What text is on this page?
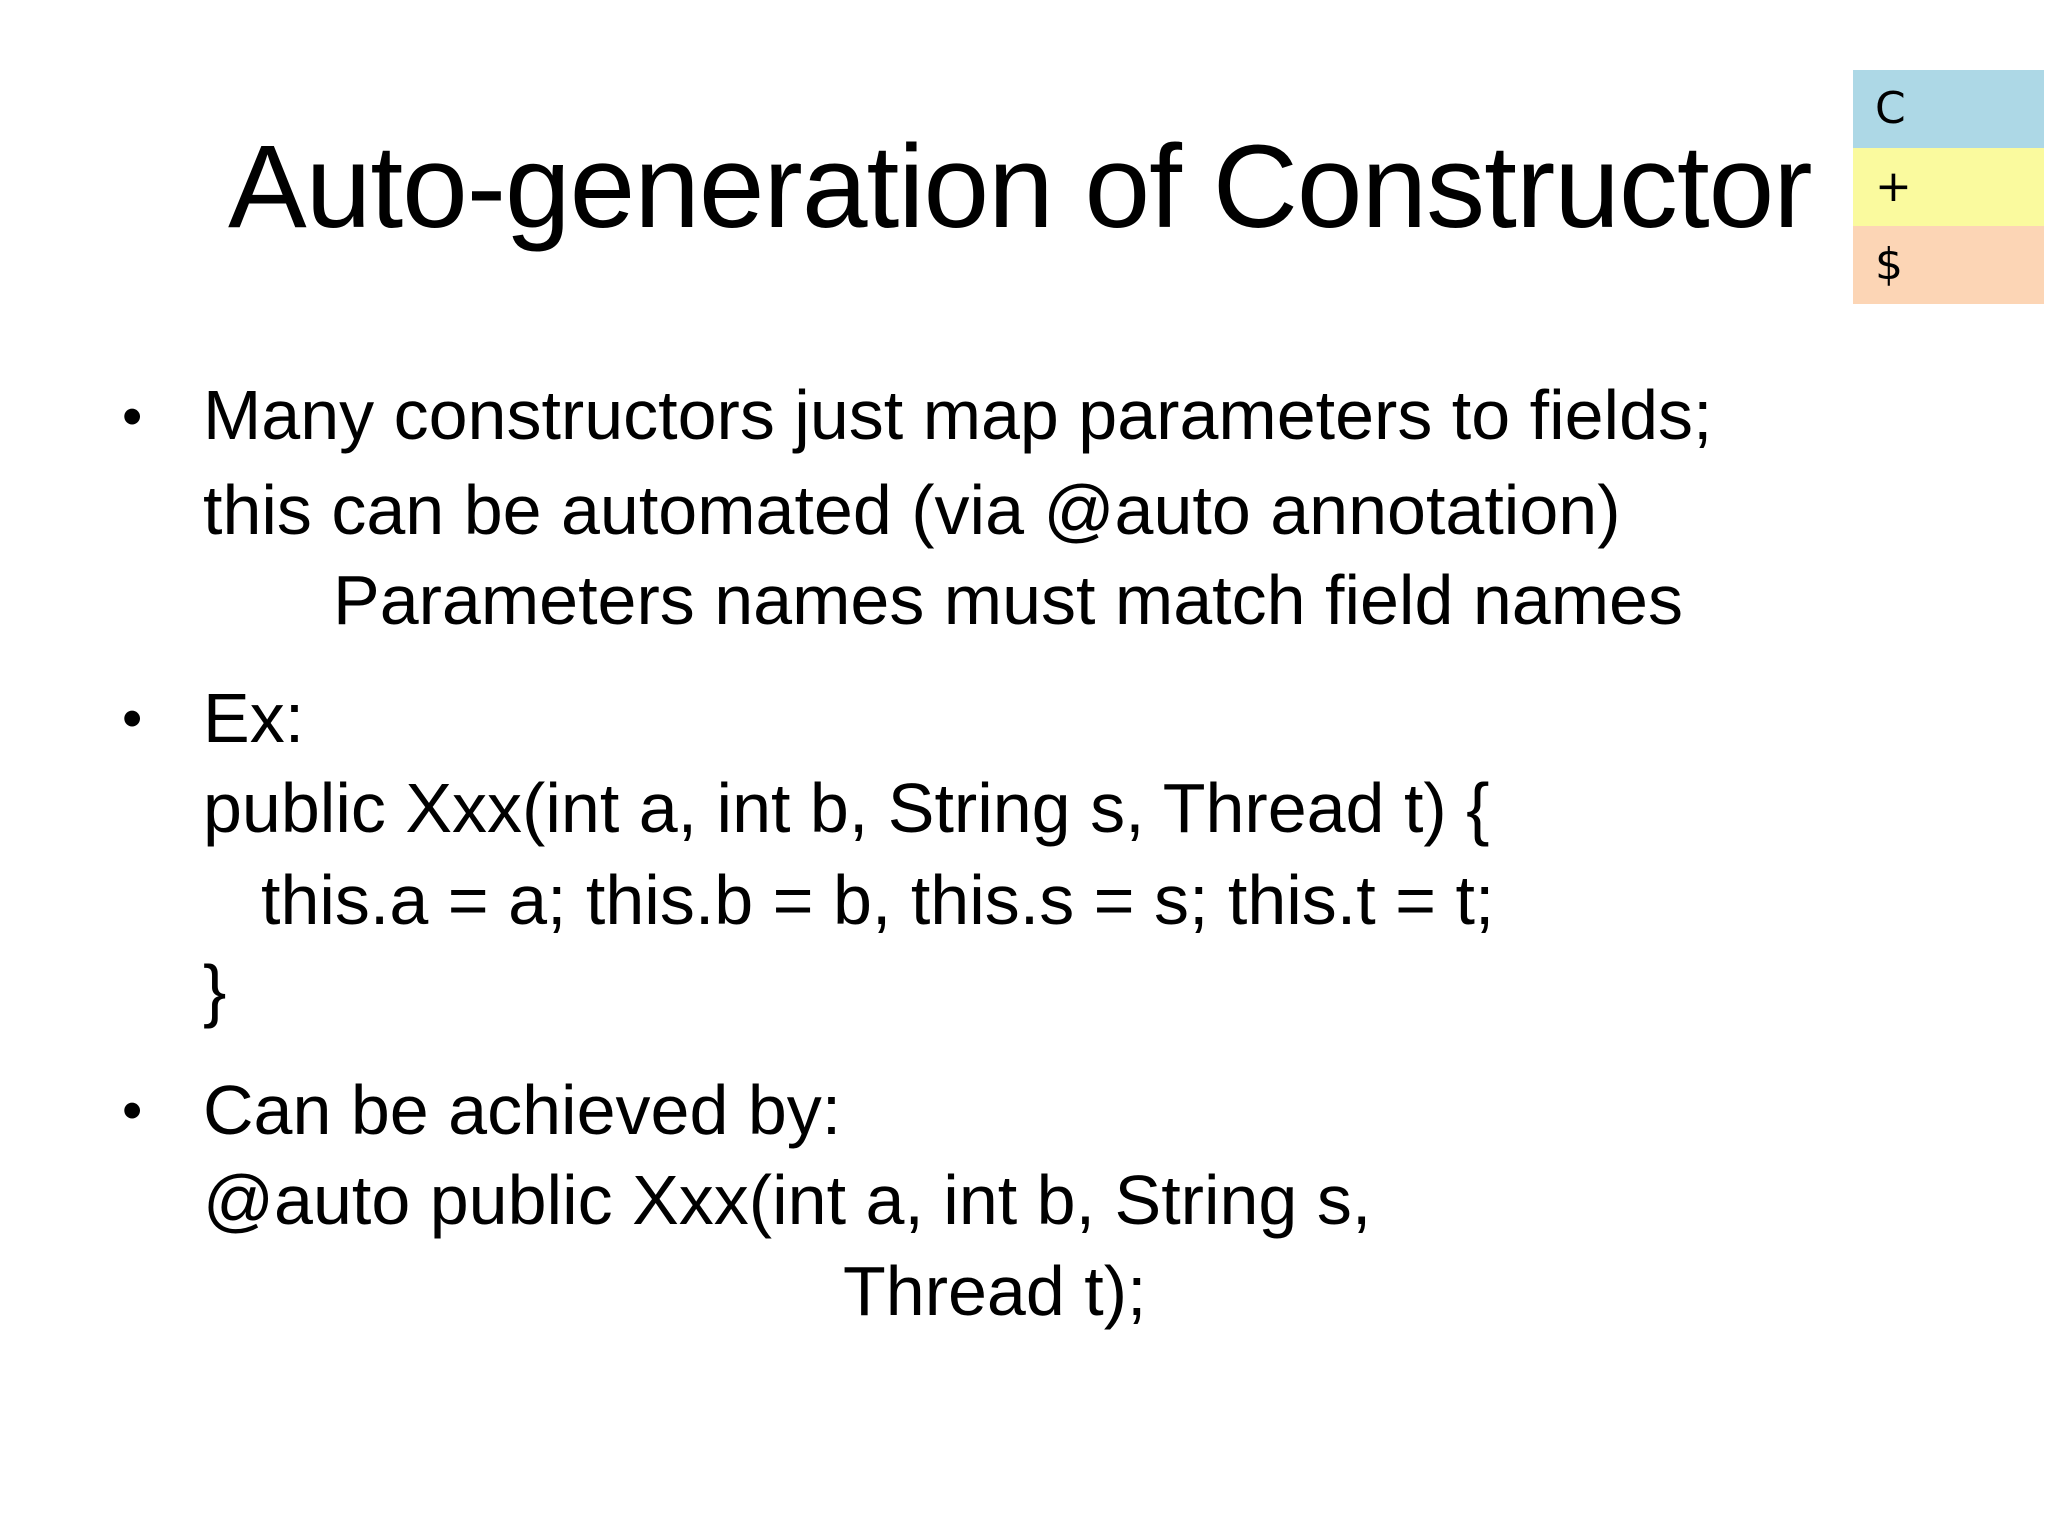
Auto-generation of Constructor
C
+
$
• Many constructors just map parameters to fields;
this can be automated (via @auto annotation)
Parameters names must match field names
• Ex:
public Xxx(int a, int b, String s, Thread t) {
this.a = a; this.b = b, this.s = s; this.t = t;
}
• Can be achieved by:
@auto public Xxx(int a, int b, String s,
Thread t);
